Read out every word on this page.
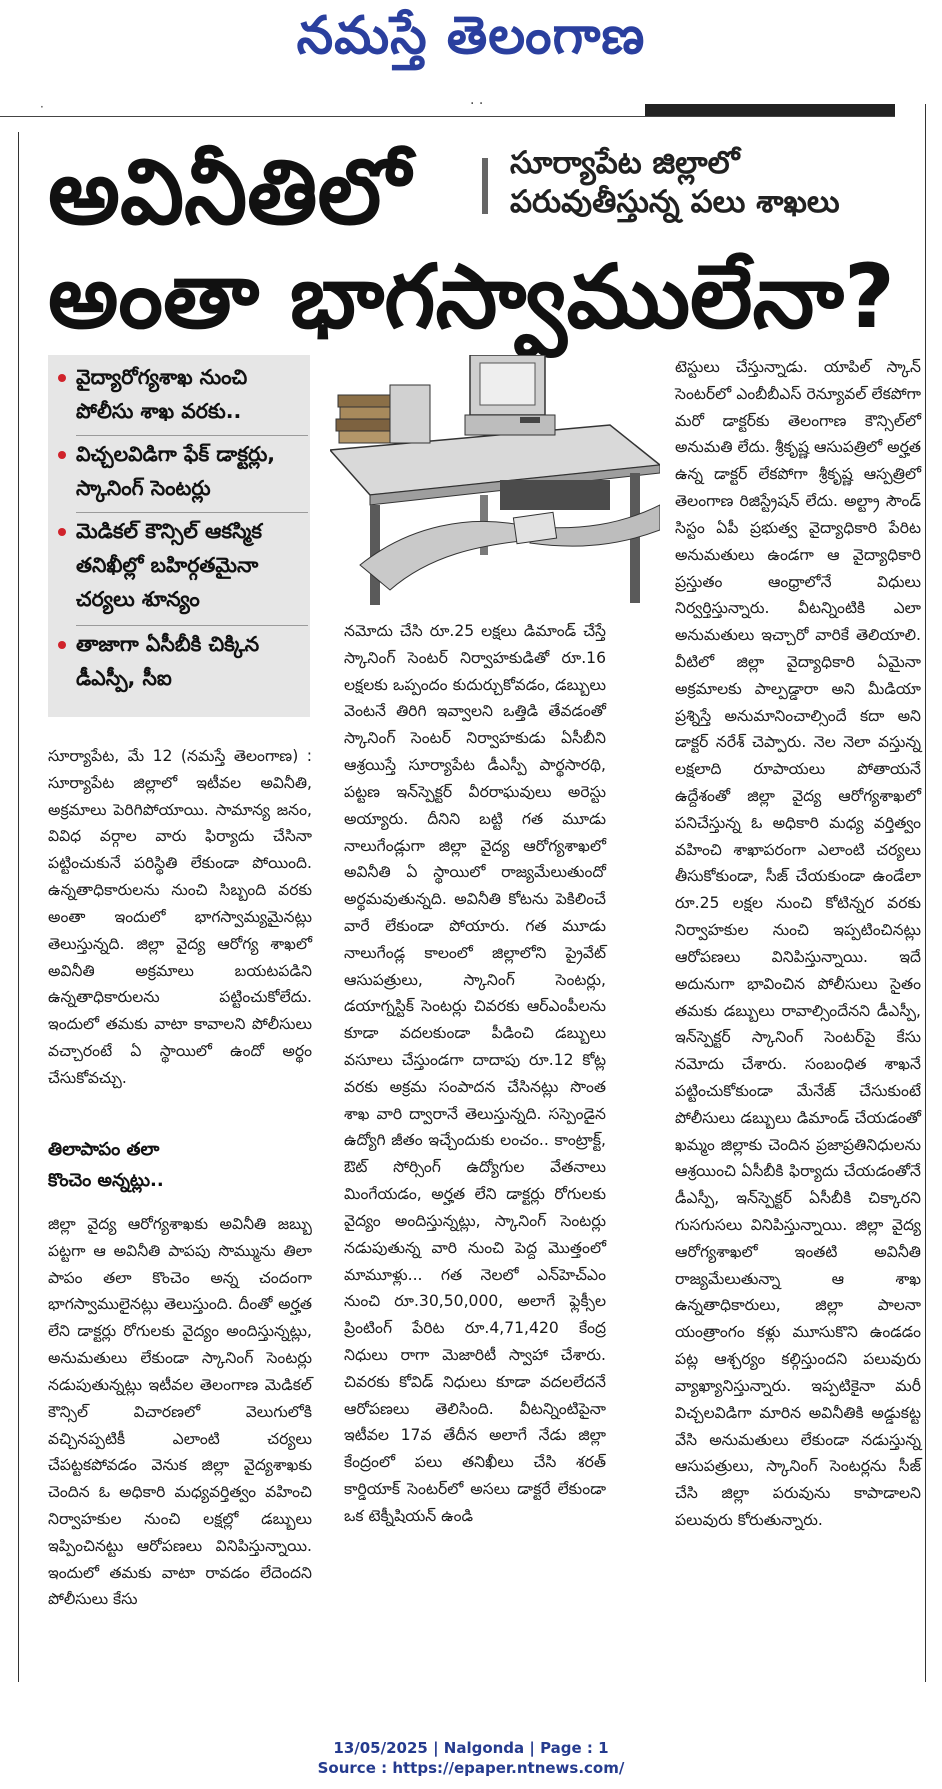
నమస్తే తెలంగాణ
·	· ·
అవినీతిలో
అంతా భాగస్వాములేనా?
సూర్యాపేట జిల్లాలో
పరువుతీస్తున్న పలు శాఖలు
వైద్యారోగ్యశాఖ నుంచి పోలీసు శాఖ వరకు..
విచ్చలవిడిగా ఫేక్ డాక్టర్లు, స్కానింగ్ సెంటర్లు
మెడికల్ కౌన్సిల్ ఆకస్మిక తనిఖీల్లో బహిర్గతమైనా చర్యలు శూన్యం
తాజాగా ఏసీబీకి చిక్కిన డీఎస్పీ, సీఐ

సూర్యాపేట, మే 12 (నమస్తే తెలంగాణ) : సూర్యాపేట జిల్లాలో ఇటీవల అవినీతి, అక్రమాలు పెరిగిపోయాయి. సామాన్య జనం, వివిధ వర్గాల వారు ఫిర్యాదు చేసినా పట్టించుకునే పరిస్థితి లేకుండా పోయింది. ఉన్నతాధికారులను నుంచి సిబ్బంది వరకు అంతా ఇందులో భాగస్వామ్యమైనట్లు తెలుస్తున్నది. జిల్లా వైద్య ఆరోగ్య శాఖలో అవినీతి అక్రమాలు బయటపడిని ఉన్నతాధికారులను పట్టించుకోలేదు. ఇందులో తమకు వాటా కావాలని పోలీసులు వచ్చారంటే ఏ స్థాయిలో ఉందో అర్థం చేసుకోవచ్చు.

తిలాపాపం తలా
కొంచెం అన్నట్లు..

జిల్లా వైద్య ఆరోగ్యశాఖకు అవినీతి జబ్బు పట్టగా ఆ అవినీతి పాపపు సొమ్మును తిలా పాపం తలా కొంచెం అన్న చందంగా భాగస్వాములైనట్లు తెలుస్తుంది. దీంతో అర్హత లేని డాక్టర్లు రోగులకు వైద్యం అందిస్తున్నట్లు, అనుమతులు లేకుండా స్కానింగ్ సెంటర్లు నడుపుతున్నట్లు ఇటీవల తెలంగాణ మెడికల్ కౌన్సిల్ విచారణలో వెలుగులోకి వచ్చినప్పటికీ ఎలాంటి చర్యలు చేపట్టకపోవడం వెనుక జిల్లా వైద్యశాఖకు చెందిన ఓ అధికారి మధ్యవర్తిత్వం వహించి నిర్వాహకుల నుంచి లక్షల్లో డబ్బులు ఇప్పించినట్టు ఆరోపణలు వినిపిస్తున్నాయి. ఇందులో తమకు వాటా రావడం లేదెందని పోలీసులు కేసు

నమోదు చేసి రూ.25 లక్షలు డిమాండ్ చేస్తే స్కానింగ్ సెంటర్ నిర్వాహకుడితో రూ.16 లక్షలకు ఒప్పందం కుదుర్చుకోవడం, డబ్బులు వెంటనే తిరిగి ఇవ్వాలని ఒత్తిడి తేవడంతో స్కానింగ్ సెంటర్ నిర్వాహకుడు ఏసీబీని ఆశ్రయిస్తే సూర్యాపేట డీఎస్పీ పార్థసారథి, పట్టణ ఇన్‌స్పెక్టర్ వీరరాఘవులు అరెస్టు అయ్యారు. దీనిని బట్టి గత మూడు నాలుగేండ్లుగా జిల్లా వైద్య ఆరోగ్యశాఖలో అవినీతి ఏ స్థాయిలో రాజ్యమేలుతుందో అర్థమవుతున్నది. అవినీతి కోటను పెకిలించే వారే లేకుండా పోయారు. గత మూడు నాలుగేండ్ల కాలంలో జిల్లాలోని ప్రైవేట్ ఆసుపత్రులు, స్కానింగ్ సెంటర్లు, డయాగ్నస్టిక్ సెంటర్లు చివరకు ఆర్ఎంపీలను కూడా వదలకుండా పీడించి డబ్బులు వసూలు చేస్తుండగా దాదాపు రూ.12 కోట్ల వరకు అక్రమ సంపాదన చేసినట్లు సొంత శాఖ వారి ద్వారానే తెలుస్తున్నది. సస్పెండైన ఉద్యోగి జీతం ఇచ్చేందుకు లంచం.. కాంట్రాక్ట్, ఔట్ సోర్సింగ్ ఉద్యోగుల వేతనాలు మింగేయడం, అర్హత లేని డాక్టర్లు రోగులకు వైద్యం అందిస్తున్నట్లు, స్కానింగ్ సెంటర్లు నడుపుతున్న వారి నుంచి పెద్ద మొత్తంలో మామూళ్లు... గత నెలలో ఎన్‌హెచ్ఎం నుంచి రూ.30,50,000, అలాగే ఫ్లెక్సీల ప్రింటింగ్ పేరిట రూ.4,71,420 కేంద్ర నిధులు రాగా మెజారిటీ స్వాహా చేశారు. చివరకు కోవిడ్ నిధులు కూడా వదలలేదనే ఆరోపణలు తెలిసింది. వీటన్నింటిపైనా ఇటీవల 17వ తేదీన అలాగే నేడు జిల్లా కేంద్రంలో పలు తనిఖీలు చేసి శరత్ కార్డియాక్ సెంటర్‌లో అసలు డాక్టరే లేకుండా ఒక టెక్నీషియన్ ఉండి

టెస్టులు చేస్తున్నాడు. యాపిల్ స్కాన్ సెంటర్‌లో ఎంబీబీఎస్ రెన్యూవల్ లేకపోగా మరో డాక్టర్‌కు తెలంగాణ కౌన్సిల్‌లో అనుమతి లేదు. శ్రీకృష్ణ ఆసుపత్రిలో అర్హత ఉన్న డాక్టర్ లేకపోగా శ్రీకృష్ణ ఆస్పత్రిలో తెలంగాణ రిజిస్ట్రేషన్ లేదు. అల్ట్రా సౌండ్ సిస్టం ఏపీ ప్రభుత్వ వైద్యాధికారి పేరిట అనుమతులు ఉండగా ఆ వైద్యాధికారి ప్రస్తుతం ఆంధ్రాలోనే విధులు నిర్వర్తిస్తున్నారు. వీటన్నింటికి ఎలా అనుమతులు ఇచ్చారో వారికే తెలియాలి. వీటిలో జిల్లా వైద్యాధికారి ఏమైనా అక్రమాలకు పాల్పడ్డారా అని మీడియా ప్రశ్నిస్తే అనుమానించాల్సిందే కదా అని డాక్టర్ నరేశ్ చెప్పారు. నెల నెలా వస్తున్న లక్షలాది రూపాయలు పోతాయనే ఉద్దేశంతో జిల్లా వైద్య ఆరోగ్యశాఖలో పనిచేస్తున్న ఓ అధికారి మధ్య వర్తిత్వం వహించి శాఖాపరంగా ఎలాంటి చర్యలు తీసుకోకుండా, సీజ్ చేయకుండా ఉండేలా రూ.25 లక్షల నుంచి కోటిన్నర వరకు నిర్వాహకుల నుంచి ఇప్పటించినట్లు ఆరోపణలు వినిపిస్తున్నాయి. ఇదే అదునుగా భావించిన పోలీసులు సైతం తమకు డబ్బులు రావాల్సిందేనని డీఎస్పీ, ఇన్‌స్పెక్టర్ స్కానింగ్ సెంటర్‌పై కేసు నమోదు చేశారు. సంబంధిత శాఖనే పట్టించుకోకుండా మేనేజ్ చేసుకుంటే పోలీసులు డబ్బులు డిమాండ్ చేయడంతో ఖమ్మం జిల్లాకు చెందిన ప్రజాప్రతినిధులను ఆశ్రయించి ఏసీబీకి ఫిర్యాదు చేయడంతోనే డీఎస్పీ, ఇన్‌స్పెక్టర్ ఏసీబీకి చిక్కారని గుసగుసలు వినిపిస్తున్నాయి. జిల్లా వైద్య ఆరోగ్యశాఖలో ఇంతటి అవినీతి రాజ్యమేలుతున్నా ఆ శాఖ ఉన్నతాధికారులు, జిల్లా పాలనా యంత్రాంగం కళ్లు మూసుకొని ఉండడం పట్ల ఆశ్చర్యం కల్గిస్తుందని పలువురు వ్యాఖ్యానిస్తున్నారు. ఇప్పటికైనా మరీ విచ్చలవిడిగా మారిన అవినీతికి అడ్డుకట్ట వేసి అనుమతులు లేకుండా నడుస్తున్న ఆసుపత్రులు, స్కానింగ్ సెంటర్లను సీజ్ చేసి జిల్లా పరువును కాపాడాలని పలువురు కోరుతున్నారు.

13/05/2025 | Nalgonda | Page : 1
Source : https://epaper.ntnews.com/
